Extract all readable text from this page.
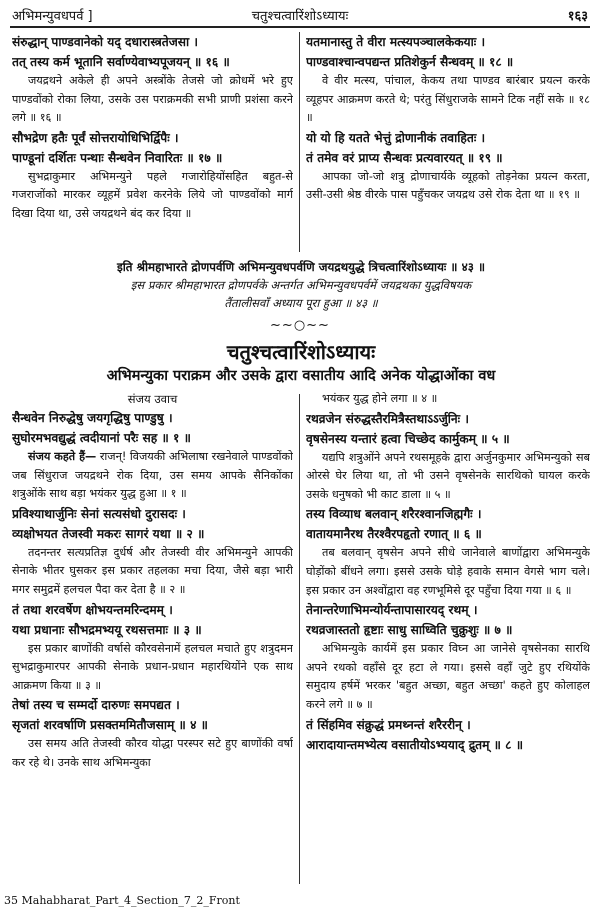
अभिमन्युवधपर्व ]	चतुश्चत्वारिंशोऽध्यायः	१६३

संरुद्धान् पाण्डवानेको यद् दधारास्त्रतेजसा ।

तत् तस्य कर्म भूतानि सर्वाण्येवाभ्यपूजयन् ॥ १६ ॥

जयद्रथने अकेले ही अपने अस्त्रोंके तेजसे जो क्रोधमें भरे हुए पाण्डवोंको रोका लिया, उसके उस पराक्रमकी सभी प्राणी प्रशंसा करने लगे ॥ १६ ॥

सौभद्रेण हतैः पूर्वं सोत्तरायोधिभिर्द्विपैः ।

पाण्डूनां दर्शितः पन्थाः सैन्धवेन निवारितः ॥ १७ ॥

सुभद्राकुमार अभिमन्युने पहले गजारोहियोंसहित बहुत-से गजराजोंको मारकर व्यूहमें प्रवेश करनेके लिये जो पाण्डवोंको मार्ग दिखा दिया था, उसे जयद्रथने बंद कर दिया ॥

यतमानास्तु ते वीरा मत्स्यपञ्चालकेकयाः ।

पाण्डवाश्चान्वपद्यन्त प्रतिशेकुर्न सैन्धवम् ॥ १८ ॥

वे वीर मत्स्य, पांचाल, केकय तथा पाण्डव बारंबार प्रयत्न करके व्यूहपर आक्रमण करते थे; परंतु सिंधुराजके सामने टिक नहीं सके ॥ १८ ॥

यो यो हि यतते भेत्तुं द्रोणानीकं तवाहितः ।

तं तमेव वरं प्राप्य सैन्धवः प्रत्यवारयत् ॥ १९ ॥

आपका जो-जो शत्रु द्रोणाचार्यके व्यूहको तोड़नेका प्रयत्न करता, उसी-उसी श्रेष्ठ वीरके पास पहुँचकर जयद्रथ उसे रोक देता था ॥ १९ ॥

इति श्रीमहाभारते द्रोणपर्वणि अभिमन्युवधपर्वणि जयद्रथयुद्धे त्रिचत्वारिंशोऽध्यायः ॥ ४३ ॥

इस प्रकार श्रीमहाभारत द्रोणपर्वके अन्तर्गत अभिमन्युवधपर्वमें जयद्रथका युद्धविषयक

तैंतालीसवाँ अध्याय पूरा हुआ ॥ ४३ ॥

~~○~~

चतुश्चत्वारिंशोऽध्यायः

अभिमन्युका पराक्रम और उसके द्वारा वसातीय आदि अनेक योद्धाओंका वध

संजय उवाच

सैन्धवेन निरुद्धेषु जयगृद्धिषु पाण्डुषु ।

सुघोरमभवद्युद्धं त्वदीयानां परैः सह ॥ १ ॥

संजय कहते हैं— राजन्! विजयकी अभिलाषा रखनेवाले पाण्डवोंको जब सिंधुराज जयद्रथने रोक दिया, उस समय आपके सैनिकोंका शत्रुओंके साथ बड़ा भयंकर युद्ध हुआ ॥ १ ॥

प्रविश्याथार्जुनिः सेनां सत्यसंधो दुरासदः ।

व्यक्षोभयत तेजस्वी मकरः सागरं यथा ॥ २ ॥

तदनन्तर सत्यप्रतिज्ञ दुर्धर्ष और तेजस्वी वीर अभिमन्युने आपकी सेनाके भीतर घुसकर इस प्रकार तहलका मचा दिया, जैसे बड़ा भारी मगर समुद्रमें हलचल पैदा कर देता है ॥ २ ॥

तं तथा शरवर्षेण क्षोभयन्तमरिन्दमम् ।

यथा प्रधानाः सौभद्रमभ्ययू रथसत्तमाः ॥ ३ ॥

इस प्रकार बाणोंकी वर्षासे कौरवसेनामें हलचल मचाते हुए शत्रुदमन सुभद्राकुमारपर आपकी सेनाके प्रधान-प्रधान महारथियोंने एक साथ आक्रमण किया ॥ ३ ॥

तेषां तस्य च सम्मर्दो दारुणः समपद्यत ।

सृजतां शरवर्षाणि प्रसक्तममितौजसाम् ॥ ४ ॥

उस समय अति तेजस्वी कौरव योद्धा परस्पर सटे हुए बाणोंकी वर्षा कर रहे थे। उनके साथ अभिमन्युका

भयंकर युद्ध होने लगा ॥ ४ ॥

रथव्रजेन संरुद्धस्तैरमित्रैस्तथाऽऽर्जुनिः ।

वृषसेनस्य यन्तारं हत्वा चिच्छेद कार्मुकम् ॥ ५ ॥

यद्यपि शत्रुओंने अपने रथसमूहके द्वारा अर्जुनकुमार अभिमन्युको सब ओरसे घेर लिया था, तो भी उसने वृषसेनके सारथिको घायल करके उसके धनुषको भी काट डाला ॥ ५ ॥

तस्य विव्याध बलवान् शरैरश्वानजिह्मगैः ।

वातायमानैरथ तैरश्वैरपहृतो रणात् ॥ ६ ॥

तब बलवान् वृषसेन अपने सीधे जानेवाले बाणोंद्वारा अभिमन्युके घोड़ोंको बींधने लगा। इससे उसके घोड़े हवाके समान वेगसे भाग चले। इस प्रकार उन अश्वोंद्वारा वह रणभूमिसे दूर पहुँचा दिया गया ॥ ६ ॥

तेनान्तरेणाभिमन्योर्यन्तापासारयद् रथम् ।

रथव्रजास्ततो हृष्टाः साधु साध्विति चुक्रुशुः ॥ ७ ॥

अभिमन्युके कार्यमें इस प्रकार विघ्न आ जानेसे वृषसेनका सारथि अपने रथको वहाँसे दूर हटा ले गया। इससे वहाँ जुटे हुए रथियोंके समुदाय हर्षमें भरकर 'बहुत अच्छा, बहुत अच्छा' कहते हुए कोलाहल करने लगे ॥ ७ ॥

तं सिंहमिव संक्रुद्धं प्रमथ्नन्तं शरैररीन् ।

आरादायान्तमभ्येत्य वसातीयोऽभ्ययाद् द्रुतम् ॥ ८ ॥

35 Mahabharat_Part_4_Section_7_2_Front
